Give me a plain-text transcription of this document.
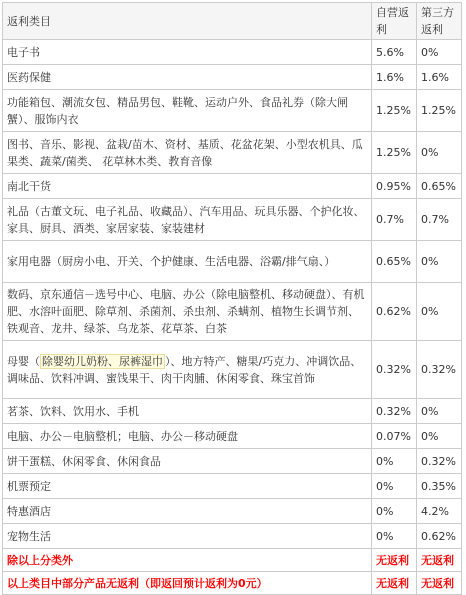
返利类目	自营返利	第三方返利
电子书	5.6%	0%
医药保健	1.6%	1.6%
功能箱包、潮流女包、精品男包、鞋靴、运动户外、食品礼券（除大闸蟹）、服饰内衣	1.25%	1.25%
图书、音乐、影视、盆栽/苗木、资材、基质、花盆花架、小型农机具、瓜果类、蔬菜/菌类、 花草林木类、教育音像	1.25%	0%
南北干货	0.95%	0.65%
礼品（古董文玩、电子礼品、收藏品）、汽车用品、玩具乐器、个护化妆、家具、厨具、酒类、家居家装、家装建材	0.7%	0.7%
家用电器（厨房小电、开关、个护健康、生活电器、浴霸/排气扇、）	0.65%	0%
数码、京东通信－选号中心、电脑、办公（除电脑整机、移动硬盘）、有机肥、水溶叶面肥、除草剂、杀菌剂、杀虫剂、杀螨剂、植物生长调节剂、铁观音、龙井、绿茶、乌龙茶、花草茶、白茶	0.62%	0%
母婴（ 除婴幼儿奶粉、尿裤湿巾 ）、地方特产、糖果/巧克力、冲调饮品、调味品、饮料冲调、蜜饯果干、肉干肉脯、休闲零食、珠宝首饰	0.32%	0.32%
茗茶、饮料、饮用水、手机	0.32%	0%
电脑、办公－电脑整机；电脑、办公－移动硬盘	0.07%	0%
饼干蛋糕、休闲零食、休闲食品	0%	0.32%
机票预定	0%	0.35%
特惠酒店	0%	4.2%
宠物生活	0%	0.62%
除以上分类外	无返利	无返利
以上类目中部分产品无返利（即返回预计返利为0元）	无返利	无返利
